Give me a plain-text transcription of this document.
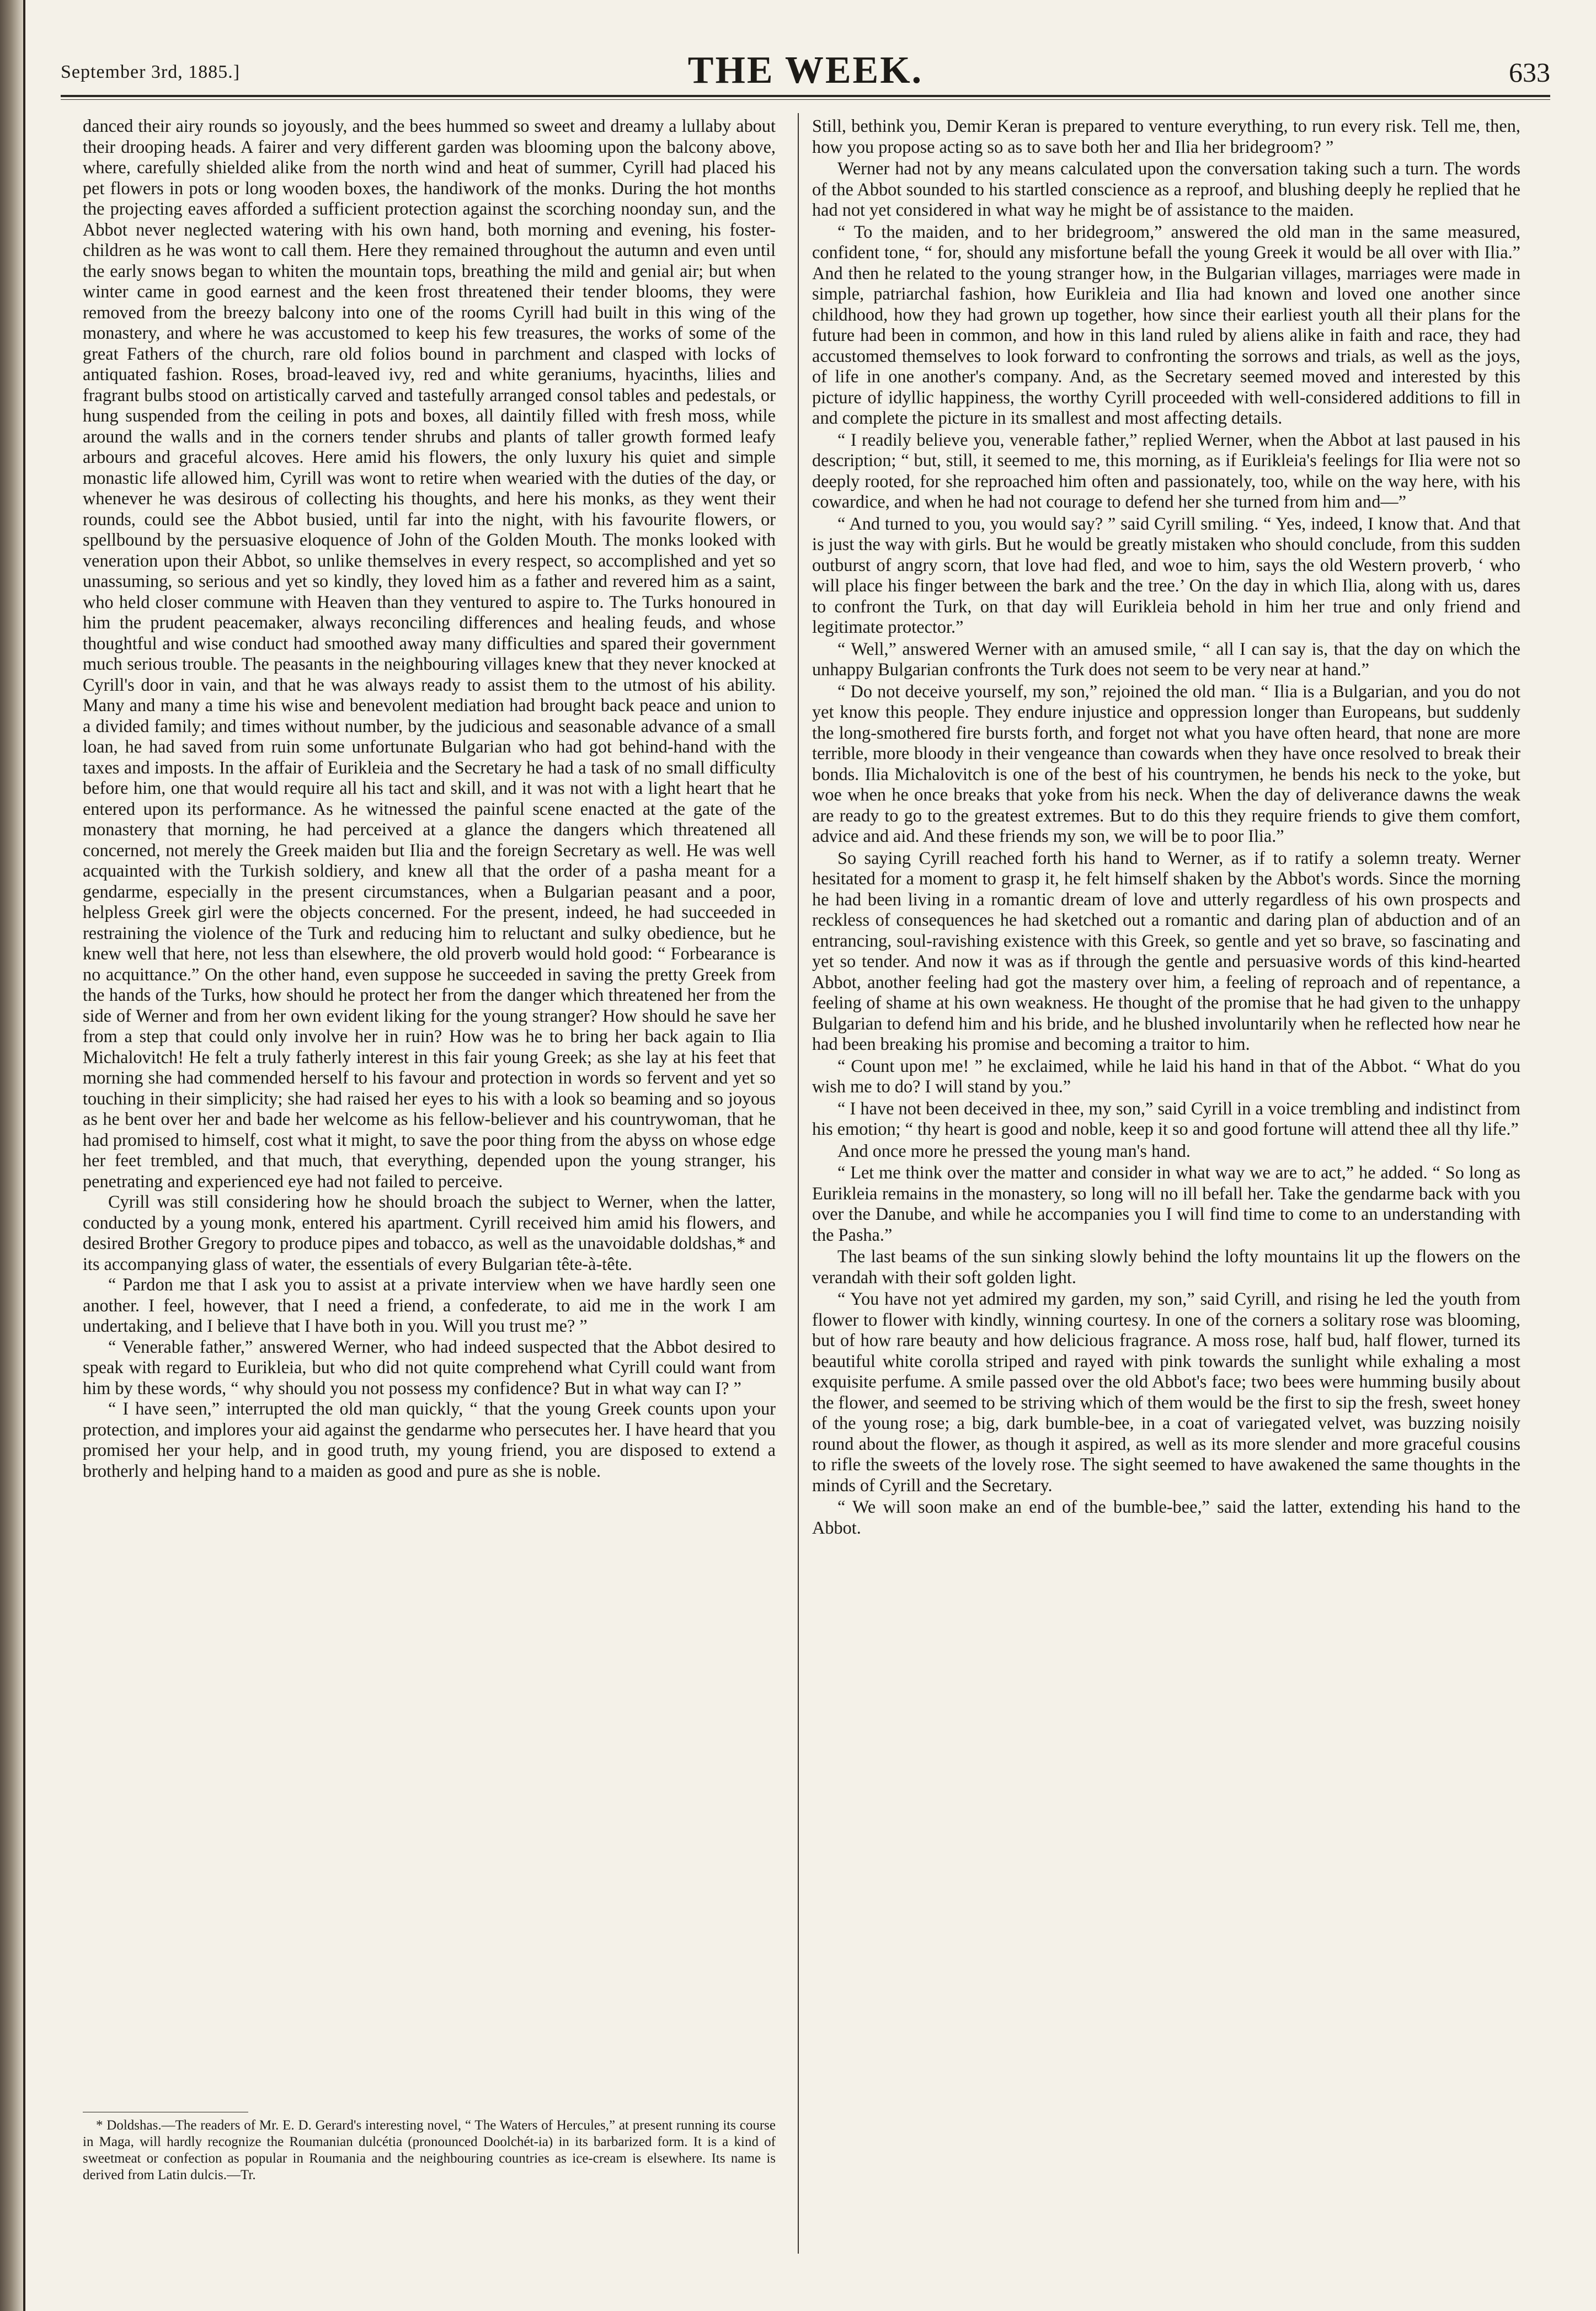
September 3rd, 1885.]	THE WEEK.	633

danced their airy rounds so joyously, and the bees hummed so sweet and dreamy a lullaby about their drooping heads. A fairer and very different garden was blooming upon the balcony above, where, carefully shielded alike from the north wind and heat of summer, Cyrill had placed his pet flowers in pots or long wooden boxes, the handiwork of the monks. During the hot months the projecting eaves afforded a sufficient protection against the scorching noonday sun, and the Abbot never neglected watering with his own hand, both morning and evening, his foster-children as he was wont to call them. Here they remained throughout the autumn and even until the early snows began to whiten the mountain tops, breathing the mild and genial air; but when winter came in good earnest and the keen frost threatened their tender blooms, they were removed from the breezy balcony into one of the rooms Cyrill had built in this wing of the monastery, and where he was accustomed to keep his few treasures, the works of some of the great Fathers of the church, rare old folios bound in parchment and clasped with locks of antiquated fashion. Roses, broad-leaved ivy, red and white geraniums, hyacinths, lilies and fragrant bulbs stood on artistically carved and tastefully arranged consol tables and pedestals, or hung suspended from the ceiling in pots and boxes, all daintily filled with fresh moss, while around the walls and in the corners tender shrubs and plants of taller growth formed leafy arbours and graceful alcoves. Here amid his flowers, the only luxury his quiet and simple monastic life allowed him, Cyrill was wont to retire when wearied with the duties of the day, or whenever he was desirous of collecting his thoughts, and here his monks, as they went their rounds, could see the Abbot busied, until far into the night, with his favourite flowers, or spellbound by the persuasive eloquence of John of the Golden Mouth. The monks looked with veneration upon their Abbot, so unlike themselves in every respect, so accomplished and yet so unassuming, so serious and yet so kindly, they loved him as a father and revered him as a saint, who held closer commune with Heaven than they ventured to aspire to. The Turks honoured in him the prudent peacemaker, always reconciling differences and healing feuds, and whose thoughtful and wise conduct had smoothed away many difficulties and spared their government much serious trouble. The peasants in the neighbouring villages knew that they never knocked at Cyrill's door in vain, and that he was always ready to assist them to the utmost of his ability. Many and many a time his wise and benevolent mediation had brought back peace and union to a divided family; and times without number, by the judicious and seasonable advance of a small loan, he had saved from ruin some unfortunate Bulgarian who had got behind-hand with the taxes and imposts. In the affair of Eurikleia and the Secretary he had a task of no small difficulty before him, one that would require all his tact and skill, and it was not with a light heart that he entered upon its performance. As he witnessed the painful scene enacted at the gate of the monastery that morning, he had perceived at a glance the dangers which threatened all concerned, not merely the Greek maiden but Ilia and the foreign Secretary as well. He was well acquainted with the Turkish soldiery, and knew all that the order of a pasha meant for a gendarme, especially in the present circumstances, when a Bulgarian peasant and a poor, helpless Greek girl were the objects concerned. For the present, indeed, he had succeeded in restraining the violence of the Turk and reducing him to reluctant and sulky obedience, but he knew well that here, not less than elsewhere, the old proverb would hold good: “ Forbearance is no acquittance.” On the other hand, even suppose he succeeded in saving the pretty Greek from the hands of the Turks, how should he protect her from the danger which threatened her from the side of Werner and from her own evident liking for the young stranger? How should he save her from a step that could only involve her in ruin? How was he to bring her back again to Ilia Michalovitch! He felt a truly fatherly interest in this fair young Greek; as she lay at his feet that morning she had commended herself to his favour and protection in words so fervent and yet so touching in their simplicity; she had raised her eyes to his with a look so beaming and so joyous as he bent over her and bade her welcome as his fellow-believer and his countrywoman, that he had promised to himself, cost what it might, to save the poor thing from the abyss on whose edge her feet trembled, and that much, that everything, depended upon the young stranger, his penetrating and experienced eye had not failed to perceive.

Cyrill was still considering how he should broach the subject to Werner, when the latter, conducted by a young monk, entered his apartment. Cyrill received him amid his flowers, and desired Brother Gregory to produce pipes and tobacco, as well as the unavoidable doldshas,* and its accompanying glass of water, the essentials of every Bulgarian tête-à-tête.

“ Pardon me that I ask you to assist at a private interview when we have hardly seen one another. I feel, however, that I need a friend, a confederate, to aid me in the work I am undertaking, and I believe that I have both in you. Will you trust me? ”

“ Venerable father,” answered Werner, who had indeed suspected that the Abbot desired to speak with regard to Eurikleia, but who did not quite comprehend what Cyrill could want from him by these words, “ why should you not possess my confidence? But in what way can I? ”

“ I have seen,” interrupted the old man quickly, “ that the young Greek counts upon your protection, and implores your aid against the gendarme who persecutes her. I have heard that you promised her your help, and in good truth, my young friend, you are disposed to extend a brotherly and helping hand to a maiden as good and pure as she is noble.

* Doldshas.—The readers of Mr. E. D. Gerard's interesting novel, “ The Waters of Hercules,” at present running its course in Maga, will hardly recognize the Roumanian dulcétia (pronounced Doolchét-ia) in its barbarized form. It is a kind of sweetmeat or confection as popular in Roumania and the neighbouring countries as ice-cream is elsewhere. Its name is derived from Latin dulcis.—Tr.

Still, bethink you, Demir Keran is prepared to venture everything, to run every risk. Tell me, then, how you propose acting so as to save both her and Ilia her bridegroom? ”

Werner had not by any means calculated upon the conversation taking such a turn. The words of the Abbot sounded to his startled conscience as a reproof, and blushing deeply he replied that he had not yet considered in what way he might be of assistance to the maiden.

“ To the maiden, and to her bridegroom,” answered the old man in the same measured, confident tone, “ for, should any misfortune befall the young Greek it would be all over with Ilia.” And then he related to the young stranger how, in the Bulgarian villages, marriages were made in simple, patriarchal fashion, how Eurikleia and Ilia had known and loved one another since childhood, how they had grown up together, how since their earliest youth all their plans for the future had been in common, and how in this land ruled by aliens alike in faith and race, they had accustomed themselves to look forward to confronting the sorrows and trials, as well as the joys, of life in one another's company. And, as the Secretary seemed moved and interested by this picture of idyllic happiness, the worthy Cyrill proceeded with well-considered additions to fill in and complete the picture in its smallest and most affecting details.

“ I readily believe you, venerable father,” replied Werner, when the Abbot at last paused in his description; “ but, still, it seemed to me, this morning, as if Eurikleia's feelings for Ilia were not so deeply rooted, for she reproached him often and passionately, too, while on the way here, with his cowardice, and when he had not courage to defend her she turned from him and—”

“ And turned to you, you would say? ” said Cyrill smiling. “ Yes, indeed, I know that. And that is just the way with girls. But he would be greatly mistaken who should conclude, from this sudden outburst of angry scorn, that love had fled, and woe to him, says the old Western proverb, ‘ who will place his finger between the bark and the tree.’ On the day in which Ilia, along with us, dares to confront the Turk, on that day will Eurikleia behold in him her true and only friend and legitimate protector.”

“ Well,” answered Werner with an amused smile, “ all I can say is, that the day on which the unhappy Bulgarian confronts the Turk does not seem to be very near at hand.”

“ Do not deceive yourself, my son,” rejoined the old man. “ Ilia is a Bulgarian, and you do not yet know this people. They endure injustice and oppression longer than Europeans, but suddenly the long-smothered fire bursts forth, and forget not what you have often heard, that none are more terrible, more bloody in their vengeance than cowards when they have once resolved to break their bonds. Ilia Michalovitch is one of the best of his countrymen, he bends his neck to the yoke, but woe when he once breaks that yoke from his neck. When the day of deliverance dawns the weak are ready to go to the greatest extremes. But to do this they require friends to give them comfort, advice and aid. And these friends my son, we will be to poor Ilia.”

So saying Cyrill reached forth his hand to Werner, as if to ratify a solemn treaty. Werner hesitated for a moment to grasp it, he felt himself shaken by the Abbot's words. Since the morning he had been living in a romantic dream of love and utterly regardless of his own prospects and reckless of consequences he had sketched out a romantic and daring plan of abduction and of an entrancing, soul-ravishing existence with this Greek, so gentle and yet so brave, so fascinating and yet so tender. And now it was as if through the gentle and persuasive words of this kind-hearted Abbot, another feeling had got the mastery over him, a feeling of reproach and of repentance, a feeling of shame at his own weakness. He thought of the promise that he had given to the unhappy Bulgarian to defend him and his bride, and he blushed involuntarily when he reflected how near he had been breaking his promise and becoming a traitor to him.

“ Count upon me! ” he exclaimed, while he laid his hand in that of the Abbot. “ What do you wish me to do? I will stand by you.”

“ I have not been deceived in thee, my son,” said Cyrill in a voice trembling and indistinct from his emotion; “ thy heart is good and noble, keep it so and good fortune will attend thee all thy life.”

And once more he pressed the young man's hand.

“ Let me think over the matter and consider in what way we are to act,” he added. “ So long as Eurikleia remains in the monastery, so long will no ill befall her. Take the gendarme back with you over the Danube, and while he accompanies you I will find time to come to an understanding with the Pasha.”

The last beams of the sun sinking slowly behind the lofty mountains lit up the flowers on the verandah with their soft golden light.

“ You have not yet admired my garden, my son,” said Cyrill, and rising he led the youth from flower to flower with kindly, winning courtesy. In one of the corners a solitary rose was blooming, but of how rare beauty and how delicious fragrance. A moss rose, half bud, half flower, turned its beautiful white corolla striped and rayed with pink towards the sunlight while exhaling a most exquisite perfume. A smile passed over the old Abbot's face; two bees were humming busily about the flower, and seemed to be striving which of them would be the first to sip the fresh, sweet honey of the young rose; a big, dark bumble-bee, in a coat of variegated velvet, was buzzing noisily round about the flower, as though it aspired, as well as its more slender and more graceful cousins to rifle the sweets of the lovely rose. The sight seemed to have awakened the same thoughts in the minds of Cyrill and the Secretary.

“ We will soon make an end of the bumble-bee,” said the latter, extending his hand to the Abbot.
